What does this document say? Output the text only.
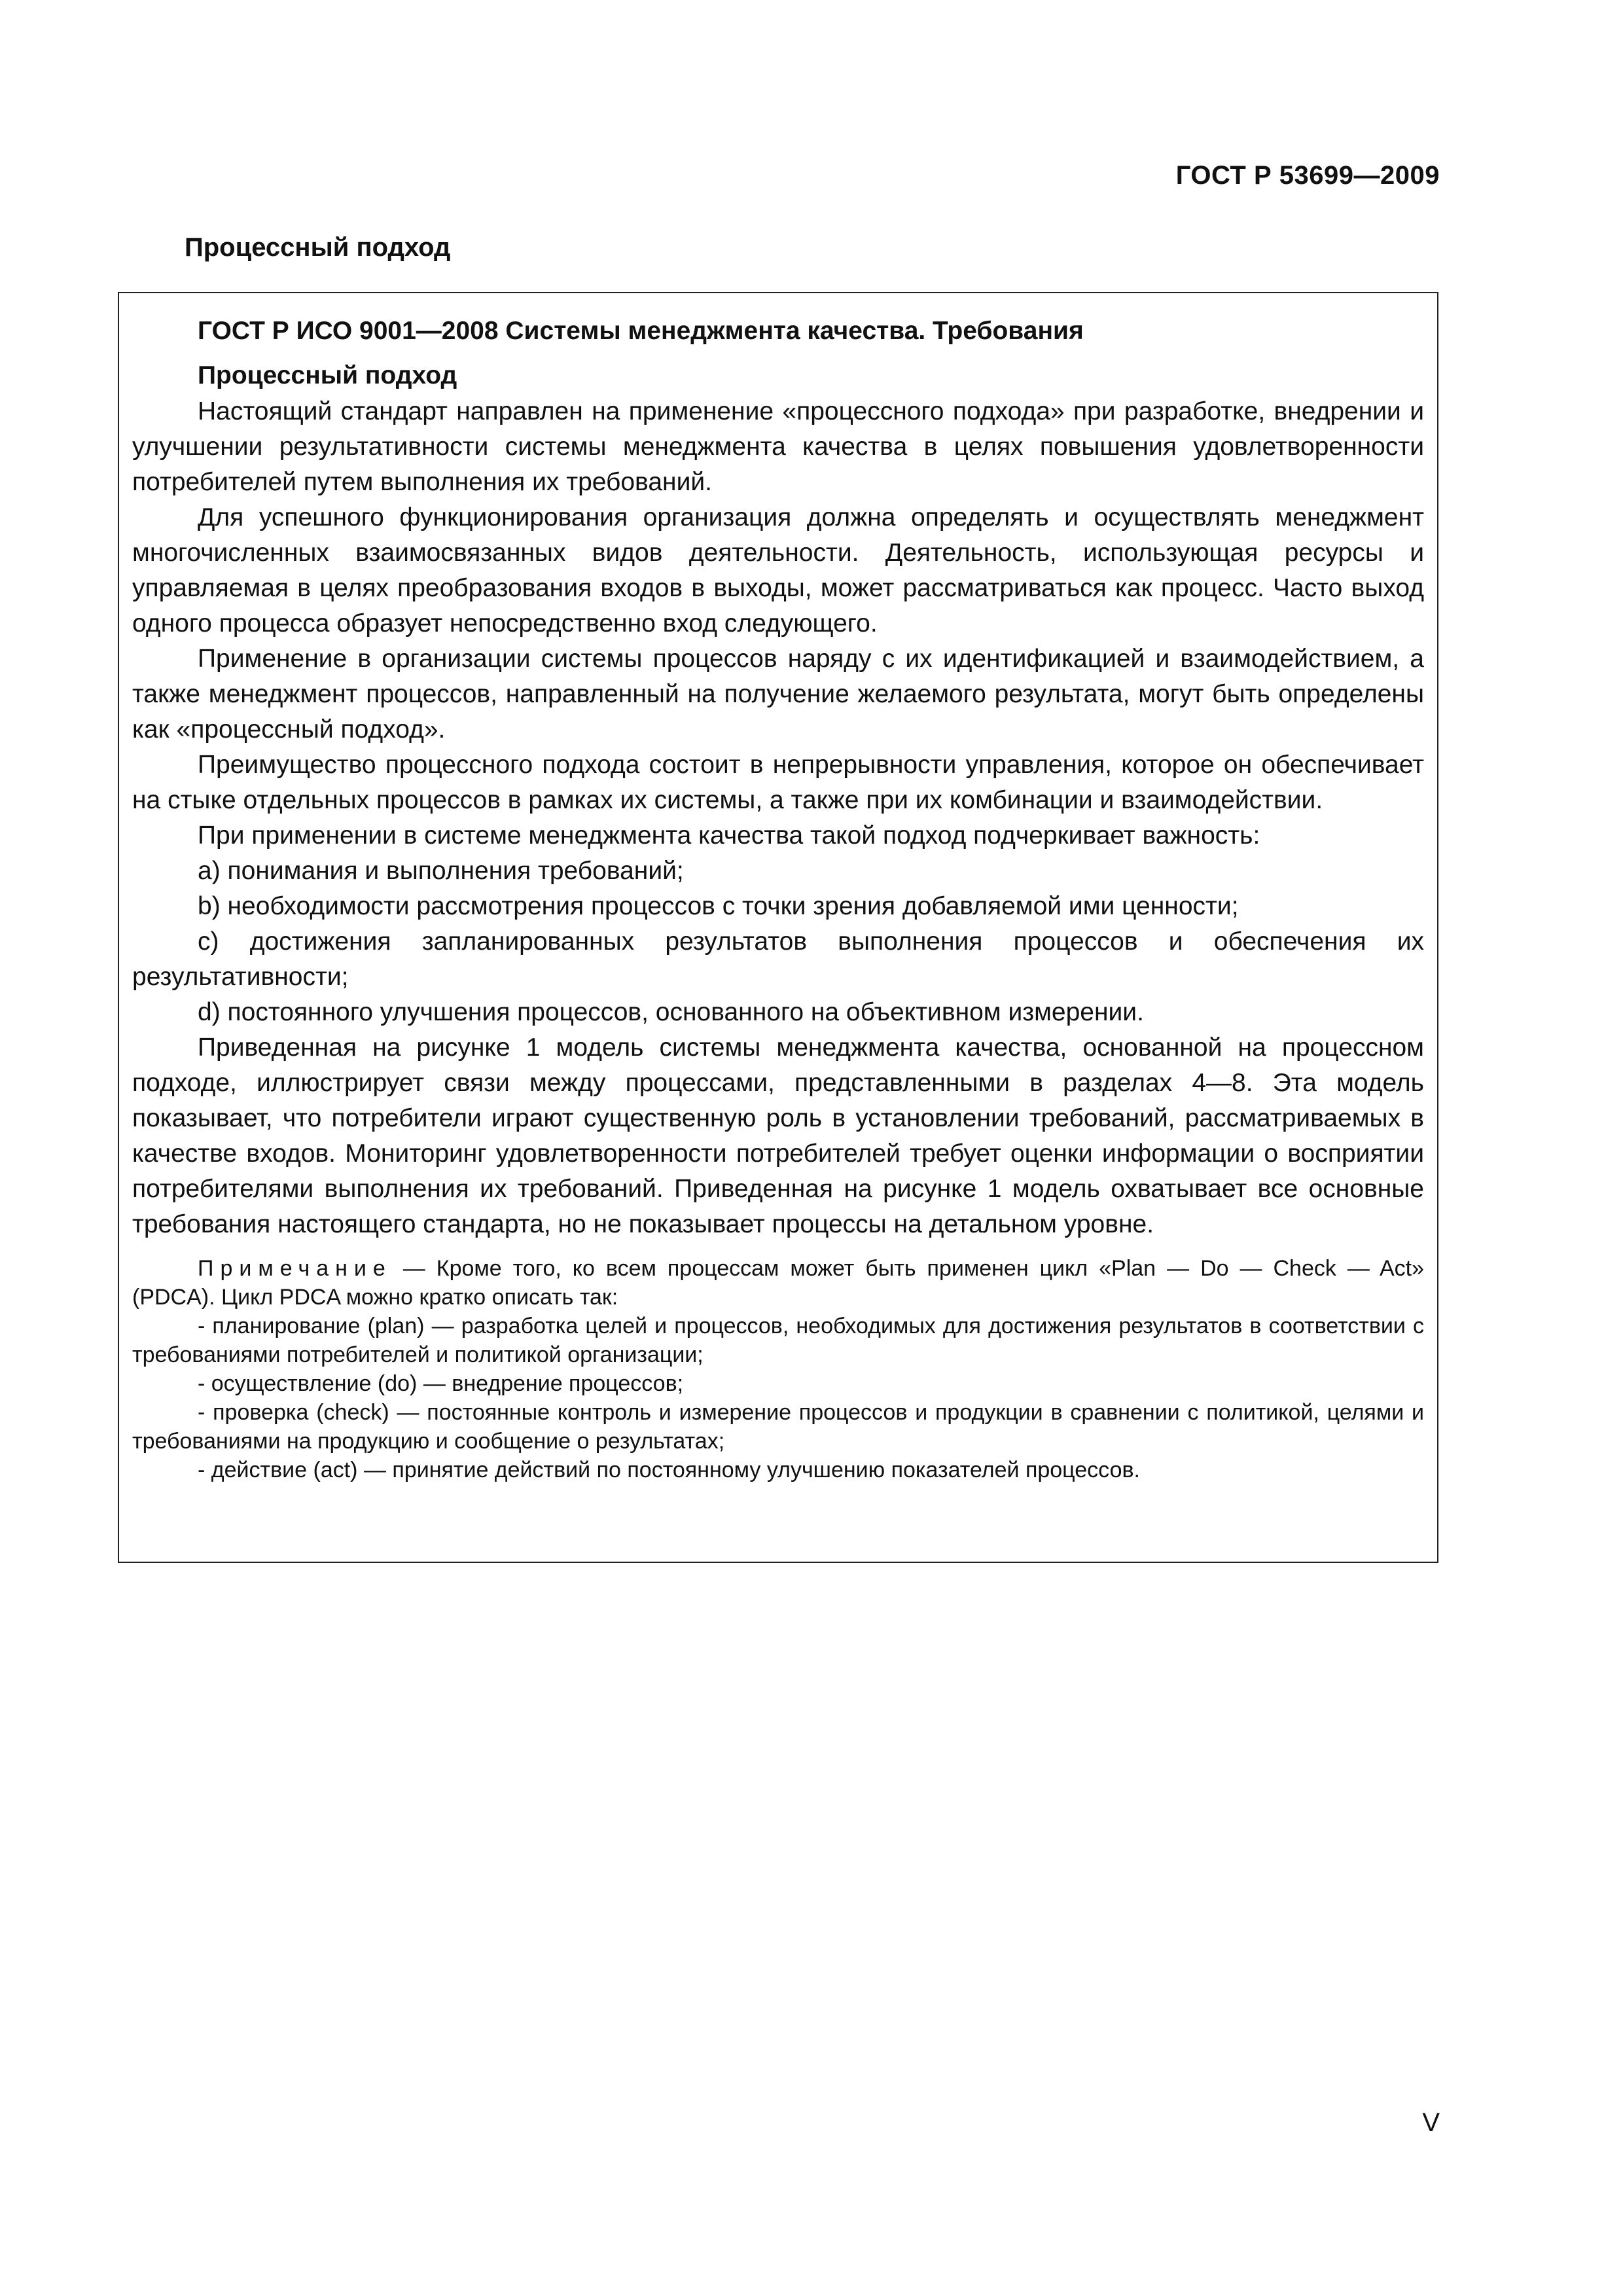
ГОСТ Р 53699—2009
Процессный подход
ГОСТ Р ИСО 9001—2008 Системы менеджмента качества. Требования
Процессный подход

Настоящий стандарт направлен на применение «процессного подхода» при разработке, внедрении и улучшении результативности системы менеджмента качества в целях повышения удовлетворенности потребителей путем выполнения их требований.

Для успешного функционирования организация должна определять и осуществлять менеджмент многочисленных взаимосвязанных видов деятельности. Деятельность, использующая ресурсы и управляемая в целях преобразования входов в выходы, может рассматриваться как процесс. Часто выход одного процесса образует непосредственно вход следующего.

Применение в организации системы процессов наряду с их идентификацией и взаимодействием, а также менеджмент процессов, направленный на получение желаемого результата, могут быть определены как «процессный подход».

Преимущество процессного подхода состоит в непрерывности управления, которое он обеспечивает на стыке отдельных процессов в рамках их системы, а также при их комбинации и взаимодействии.

При применении в системе менеджмента качества такой подход подчеркивает важность:

a) понимания и выполнения требований;

b) необходимости рассмотрения процессов с точки зрения добавляемой ими ценности;

c) достижения запланированных результатов выполнения процессов и обеспечения их результативности;

d) постоянного улучшения процессов, основанного на объективном измерении.

Приведенная на рисунке 1 модель системы менеджмента качества, основанной на процессном подходе, иллюстрирует связи между процессами, представленными в разделах 4—8. Эта модель показывает, что потребители играют существенную роль в установлении требований, рассматриваемых в качестве входов. Мониторинг удовлетворенности потребителей требует оценки информации о восприятии потребителями выполнения их требований. Приведенная на рисунке 1 модель охватывает все основные требования настоящего стандарта, но не показывает процессы на детальном уровне.

Примечание — Кроме того, ко всем процессам может быть применен цикл «Plan — Do — Check — Act» (PDCA). Цикл PDCA можно кратко описать так:

- планирование (plan) — разработка целей и процессов, необходимых для достижения результатов в соответствии с требованиями потребителей и политикой организации;

- осуществление (do) — внедрение процессов;

- проверка (check) — постоянные контроль и измерение процессов и продукции в сравнении с политикой, целями и требованиями на продукцию и сообщение о результатах;

- действие (act) — принятие действий по постоянному улучшению показателей процессов.

V
